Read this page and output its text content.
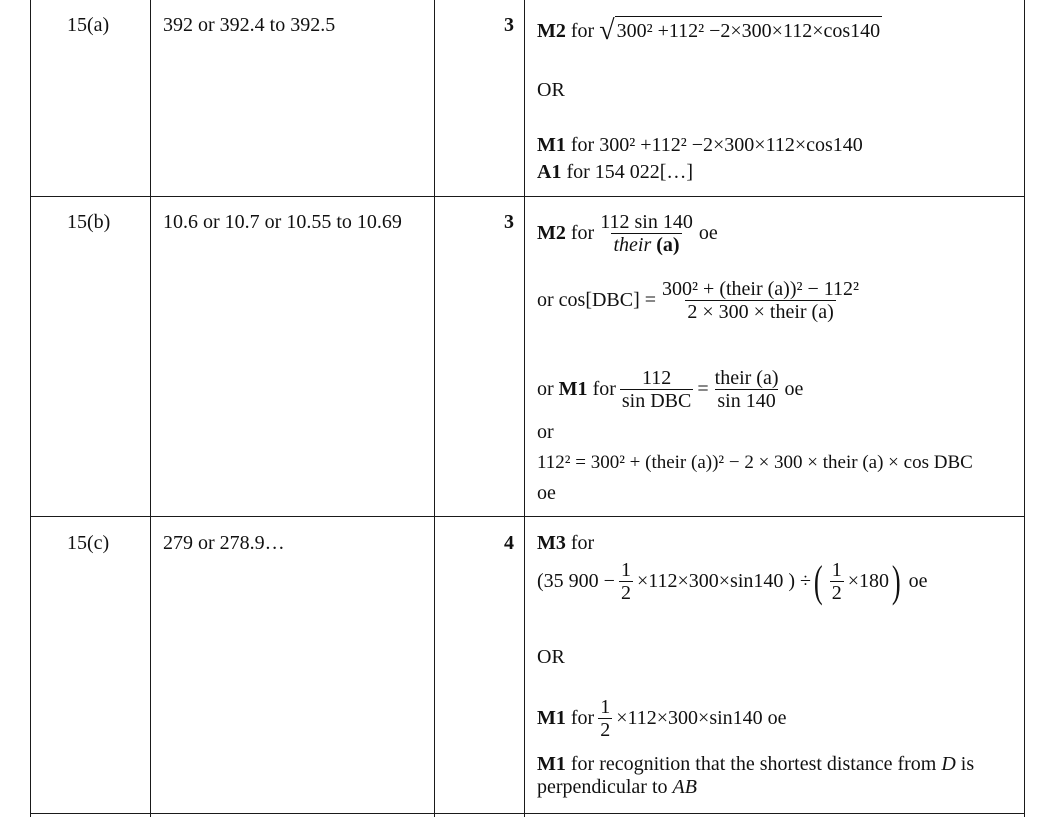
15(a)	392 or 392.4 to 392.5	3 M2
for
√ 300² +112² −2×300×112×cos140
OR
M1 for 300² +112² −2×300×112×cos140
A1 for 154 022[…]
15(b)	10.6 or 10.7 or 10.55 to 10.69	3 M2
for $\frac{112 \sin 140}{\text{their (a)}}$ oe
or $\cos[DBC] = \frac{\text{300² + (their (a))² − 112²}}{\text{2 × 300 × their (a)}}$
or
M1
for $\frac{112}{\text{sin DBC}} = \frac{\text{their (a)}}{\sin 140}$ oe
or
112² = 300² + (their (a))² − 2 × 300 × their (a) × cos DBC
oe
15(c)	279 or 278.9…	4 M3 for
(35 $900 - \frac{1}{2} \times 112\times 300\times\sin 140$ ) ÷ ( $\frac{1}{2} \times 180$ )
oe
OR
M1
for $\frac{1}{2} \times 112\times 300\times\sin 140$ oe
M1 for recognition that the shortest distance from D is perpendicular to AB
